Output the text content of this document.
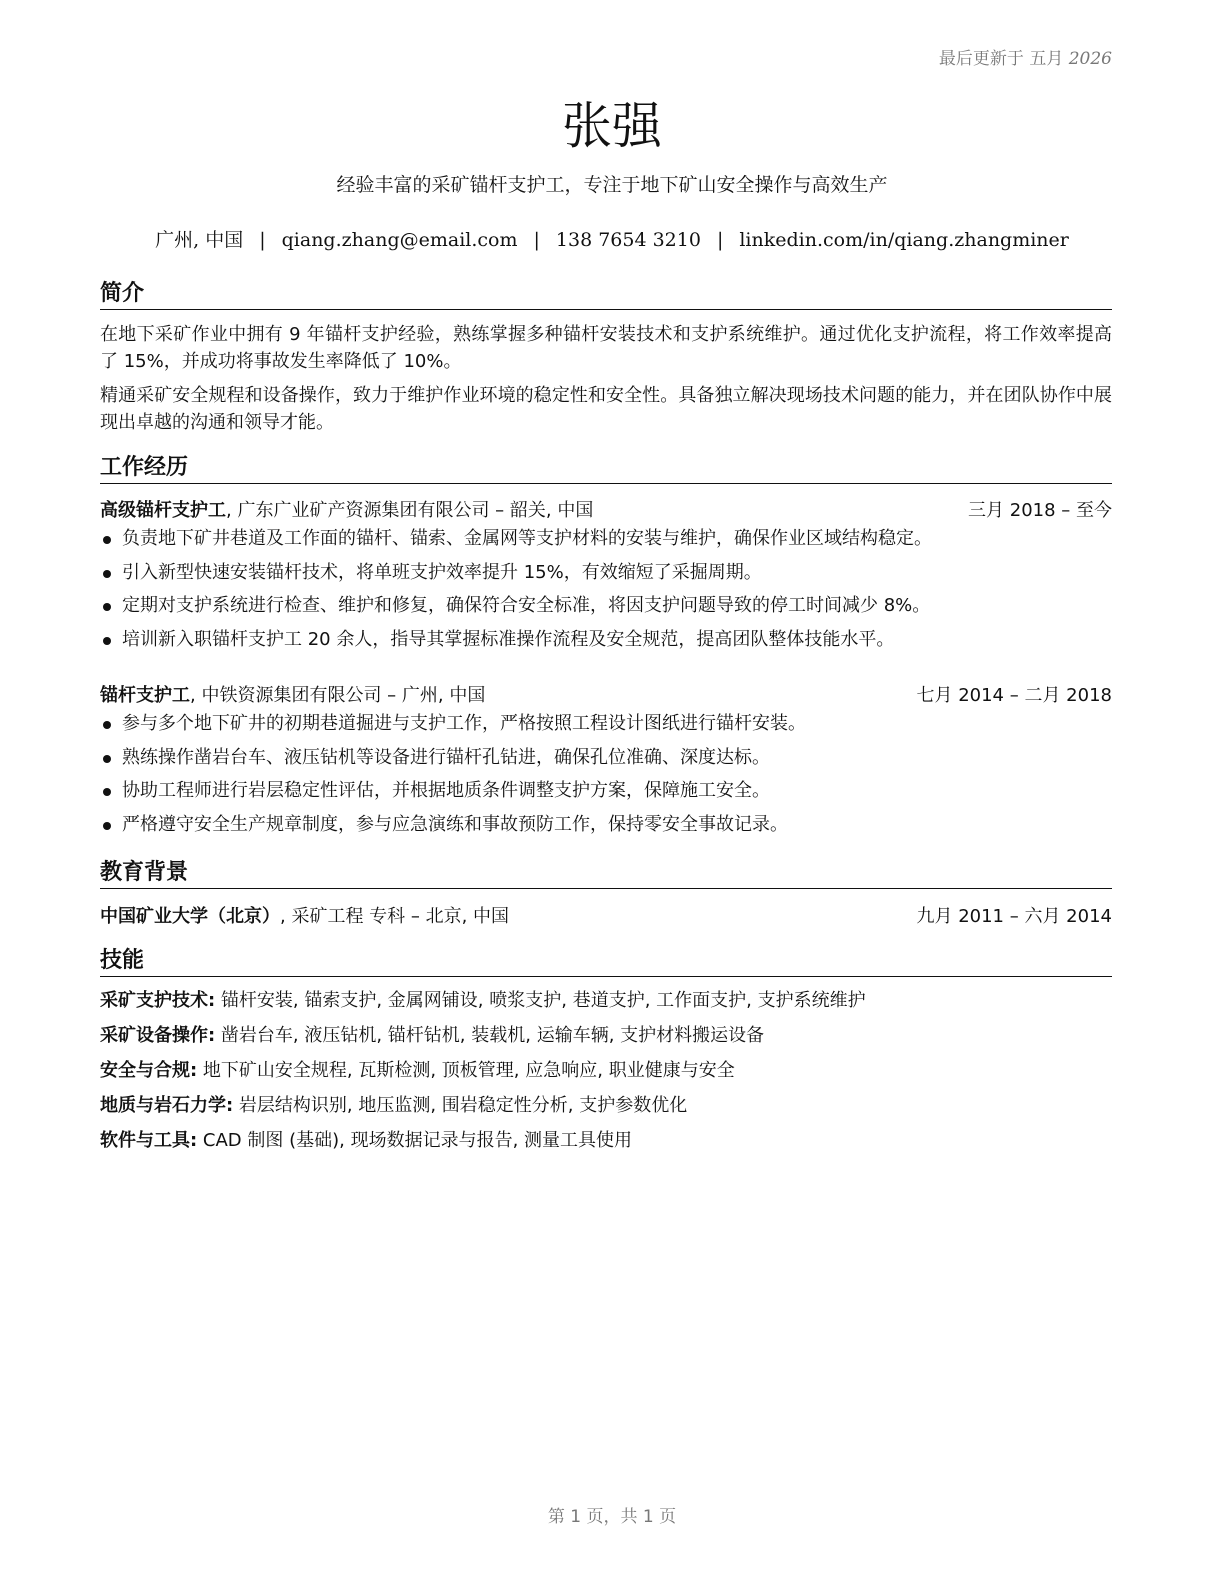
最后更新于 五月 2026
张强
经验丰富的采矿锚杆支护工，专注于地下矿山安全操作与高效生产
广州, 中国 | qiang.zhang@email.com | 138 7654 3210 | linkedin.com/in/qiang.zhangminer
简介
在地下采矿作业中拥有 9 年锚杆支护经验，熟练掌握多种锚杆安装技术和支护系统维护。通过优化支护流程，将工作效率提高了 15%，并成功将事故发生率降低了 10%。
精通采矿安全规程和设备操作，致力于维护作业环境的稳定性和安全性。具备独立解决现场技术问题的能力，并在团队协作中展现出卓越的沟通和领导才能。
工作经历
高级锚杆支护工, 广东广业矿产资源集团有限公司 – 韶关, 中国	三月 2018 – 至今
负责地下矿井巷道及工作面的锚杆、锚索、金属网等支护材料的安装与维护，确保作业区域结构稳定。
引入新型快速安装锚杆技术，将单班支护效率提升 15%，有效缩短了采掘周期。
定期对支护系统进行检查、维护和修复，确保符合安全标准，将因支护问题导致的停工时间减少 8%。
培训新入职锚杆支护工 20 余人，指导其掌握标准操作流程及安全规范，提高团队整体技能水平。
锚杆支护工, 中铁资源集团有限公司 – 广州, 中国	七月 2014 – 二月 2018
参与多个地下矿井的初期巷道掘进与支护工作，严格按照工程设计图纸进行锚杆安装。
熟练操作凿岩台车、液压钻机等设备进行锚杆孔钻进，确保孔位准确、深度达标。
协助工程师进行岩层稳定性评估，并根据地质条件调整支护方案，保障施工安全。
严格遵守安全生产规章制度，参与应急演练和事故预防工作，保持零安全事故记录。
教育背景
中国矿业大学（北京）, 采矿工程 专科 – 北京, 中国	九月 2011 – 六月 2014
技能
采矿支护技术: 锚杆安装, 锚索支护, 金属网铺设, 喷浆支护, 巷道支护, 工作面支护, 支护系统维护
采矿设备操作: 凿岩台车, 液压钻机, 锚杆钻机, 装载机, 运输车辆, 支护材料搬运设备
安全与合规: 地下矿山安全规程, 瓦斯检测, 顶板管理, 应急响应, 职业健康与安全
地质与岩石力学: 岩层结构识别, 地压监测, 围岩稳定性分析, 支护参数优化
软件与工具: CAD 制图 (基础), 现场数据记录与报告, 测量工具使用
第 1 页，共 1 页
